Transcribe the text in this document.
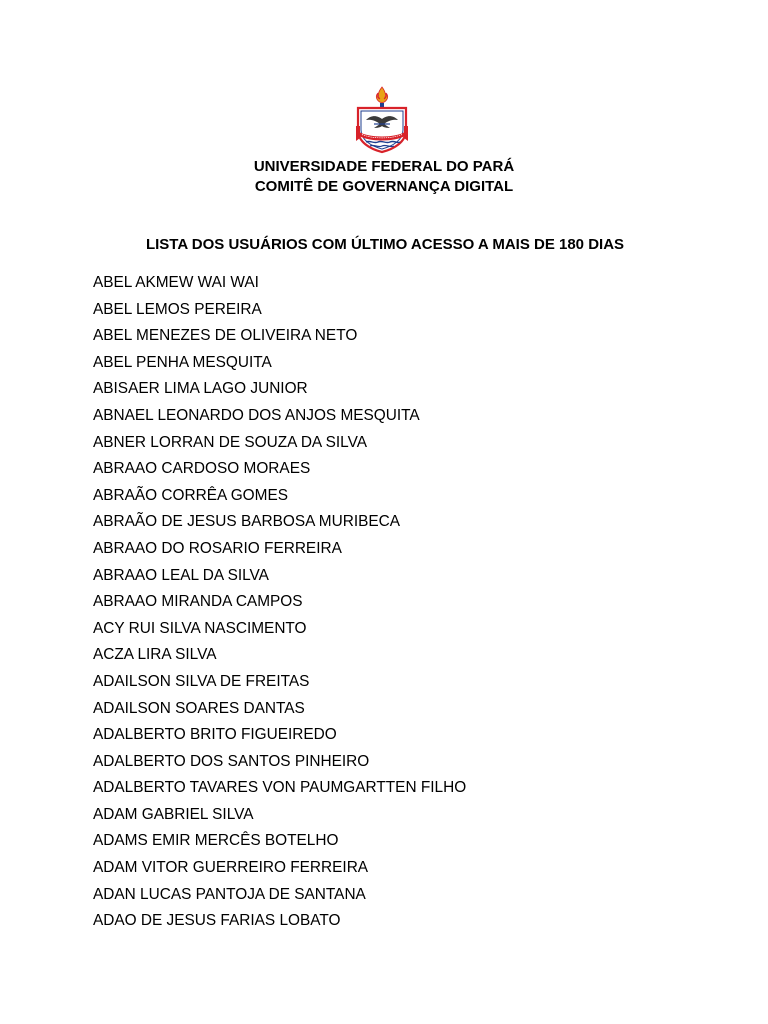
UNIVERSIDADE FEDERAL DO PARÁ
COMITÊ DE GOVERNANÇA DIGITAL
LISTA DOS USUÁRIOS COM ÚLTIMO ACESSO A MAIS DE 180 DIAS
ABEL AKMEW WAI WAI
ABEL LEMOS PEREIRA
ABEL MENEZES DE OLIVEIRA NETO
ABEL PENHA MESQUITA
ABISAER LIMA LAGO JUNIOR
ABNAEL LEONARDO DOS ANJOS MESQUITA
ABNER LORRAN DE SOUZA DA SILVA
ABRAAO CARDOSO MORAES
ABRAÃO CORRÊA GOMES
ABRAÃO DE JESUS BARBOSA MURIBECA
ABRAAO DO ROSARIO FERREIRA
ABRAAO LEAL DA SILVA
ABRAAO MIRANDA CAMPOS
ACY RUI SILVA NASCIMENTO
ACZA LIRA SILVA
ADAILSON SILVA DE FREITAS
ADAILSON SOARES DANTAS
ADALBERTO BRITO FIGUEIREDO
ADALBERTO DOS SANTOS PINHEIRO
ADALBERTO TAVARES VON PAUMGARTTEN FILHO
ADAM GABRIEL SILVA
ADAMS EMIR MERCÊS BOTELHO
ADAM VITOR GUERREIRO FERREIRA
ADAN LUCAS PANTOJA DE SANTANA
ADAO DE JESUS FARIAS LOBATO
